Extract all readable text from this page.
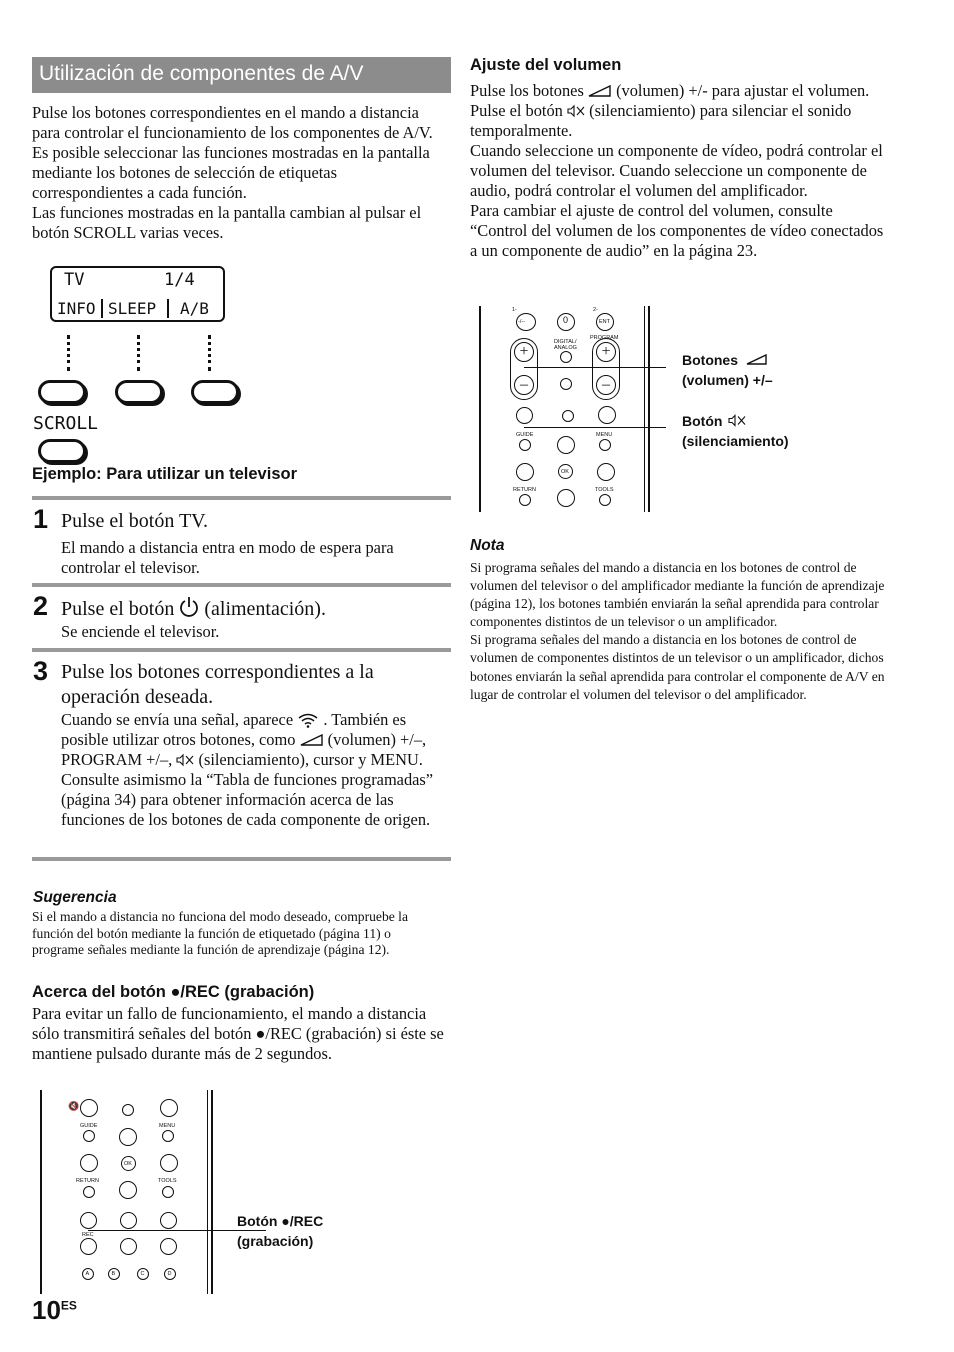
Utilización de componentes de A/V

Pulse los botones correspondientes en el mando a distancia para controlar el funcionamiento de los componentes de A/V.

Es posible seleccionar las funciones mostradas en la pantalla mediante los botones de selección de etiquetas correspondientes a cada función.

Las funciones mostradas en la pantalla cambian al pulsar el botón SCROLL varias veces.

TV	1/4
INFO SLEEP A/B
SCROLL
Ejemplo: Para utilizar un televisor
1 Pulse el botón TV.
El mando a distancia entra en modo de espera para controlar el televisor.
2 Pulse el botón (alimentación).
Se enciende el televisor.
3 Pulse los botones correspondientes a la operación deseada.
Cuando se envía una señal, aparece . También es posible utilizar otros botones, como (volumen) +/–, PROGRAM +/–, (silenciamiento), cursor y MENU. Consulte asimismo la “Tabla de funciones programadas” (página 34) para obtener información acerca de las funciones de los botones de cada componente de origen.
Sugerencia
Si el mando a distancia no funciona del modo deseado, compruebe la función del botón mediante la función de etiquetado (página 11) o programe señales mediante la función de aprendizaje (página 12).
Acerca del botón ●/REC (grabación)
Para evitar un fallo de funcionamiento, el mando a distancia sólo transmitirá señales del botón ●/REC (grabación) si éste se mantiene pulsado durante más de 2 segundos.
🔇
GUIDE	MENU
OK
RETURN	TOOLS
REC
A	B	C	D
Botón ●/REC
(grabación)
$10^{ES}$
Ajuste del volumen

Pulse los botones (volumen) +/- para ajustar el volumen. Pulse el botón (silenciamiento) para silenciar el sonido temporalmente.

Cuando seleccione un componente de vídeo, podrá controlar el volumen del televisor. Cuando seleccione un componente de audio, podrá controlar el volumen del amplificador.

Para cambiar el ajuste de control del volumen, consulte “Control del volumen de los componentes de vídeo conectados a un componente de audio” en la página 23.

1-
-/--	0
2-
ENT
DIGITAL/
ANALOG
PROGRAM
+
–
+
–
GUIDE	MENU
OK
RETURN	TOOLS
Botones
(volumen) +/–
Botón
(silenciamiento)
Nota

Si programa señales del mando a distancia en los botones de control de volumen del televisor o del amplificador mediante la función de aprendizaje (página 12), los botones también enviarán la señal aprendida para controlar componentes distintos de un televisor o un amplificador.

Si programa señales del mando a distancia en los botones de control de volumen de componentes distintos de un televisor o un amplificador, dichos botones enviarán la señal aprendida para controlar el componente de A/V en lugar de controlar el volumen del televisor o del amplificador.
